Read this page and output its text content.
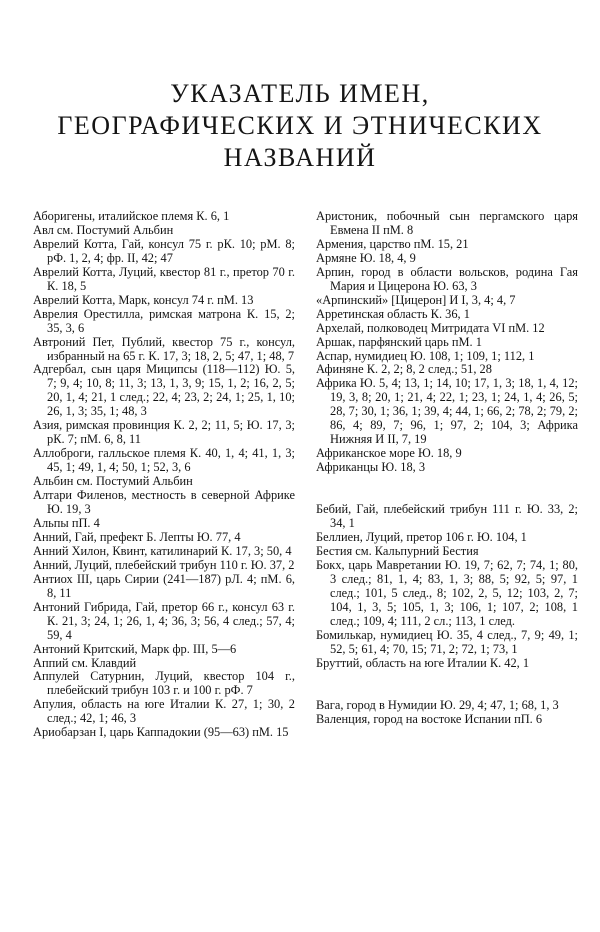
УКАЗАТЕЛЬ ИМЕН,
ГЕОГРАФИЧЕСКИХ И ЭТНИЧЕСКИХ НАЗВАНИЙ
Аборигены, италийское племя К. 6, 1
Авл см. Постумий Альбин
Аврелий Котта, Гай, консул 75 г. рК. 10; рМ. 8; рФ. 1, 2, 4; фр. II, 42; 47
Аврелий Котта, Луций, квестор 81 г., претор 70 г. К. 18, 5
Аврелий Котта, Марк, консул 74 г. пМ. 13
Аврелия Орестилла, римская матрона К. 15, 2; 35, 3, 6
Автроний Пет, Публий, квестор 75 г., консул, избранный на 65 г. К. 17, 3; 18, 2, 5; 47, 1; 48, 7
Адгербал, сын царя Миципсы (118—112) Ю. 5, 7; 9, 4; 10, 8; 11, 3; 13, 1, 3, 9; 15, 1, 2; 16, 2, 5; 20, 1, 4; 21, 1 след.; 22, 4; 23, 2; 24, 1; 25, 1, 10; 26, 1, 3; 35, 1; 48, 3
Азия, римская провинция К. 2, 2; 11, 5; Ю. 17, 3; рК. 7; пМ. 6, 8, 11
Аллоброги, галльское племя К. 40, 1, 4; 41, 1, 3; 45, 1; 49, 1, 4; 50, 1; 52, 3, 6
Альбин см. Постумий Альбин
Алтари Филенов, местность в северной Африке Ю. 19, 3
Альпы пП. 4
Анний, Гай, префект Б. Лепты Ю. 77, 4
Анний Хилон, Квинт, катилинарий К. 17, 3; 50, 4
Анний, Луций, плебейский трибун 110 г. Ю. 37, 2
Антиох III, царь Сирии (241—187) рЛ. 4; пМ. 6, 8, 11
Антоний Гибрида, Гай, претор 66 г., консул 63 г. К. 21, 3; 24, 1; 26, 1, 4; 36, 3; 56, 4 след.; 57, 4; 59, 4
Антоний Критский, Марк фр. III, 5—6
Аппий см. Клавдий
Аппулей Сатурнин, Луций, квестор 104 г., плебейский трибун 103 г. и 100 г. рФ. 7
Апулия, область на юге Италии К. 27, 1; 30, 2 след.; 42, 1; 46, 3
Ариобарзан I, царь Каппадокии (95—63) пМ. 15
Аристоник, побочный сын пергамского царя Евмена II пМ. 8
Армения, царство пМ. 15, 21
Армяне Ю. 18, 4, 9
Арпин, город в области вольсков, родина Гая Мария и Цицерона Ю. 63, 3
«Арпинский» [Цицерон] И I, 3, 4; 4, 7
Арретинская область К. 36, 1
Архелай, полководец Митридата VI пМ. 12
Аршак, парфянский царь пМ. 1
Аспар, нумидиец Ю. 108, 1; 109, 1; 112, 1
Афиняне К. 2, 2; 8, 2 след.; 51, 28
Африка Ю. 5, 4; 13, 1; 14, 10; 17, 1, 3; 18, 1, 4, 12; 19, 3, 8; 20, 1; 21, 4; 22, 1; 23, 1; 24, 1, 4; 26, 5; 28, 7; 30, 1; 36, 1; 39, 4; 44, 1; 66, 2; 78, 2; 79, 2; 86, 4; 89, 7; 96, 1; 97, 2; 104, 3; Африка Нижняя И II, 7, 19
Африканское море Ю. 18, 9
Африканцы Ю. 18, 3
Бебий, Гай, плебейский трибун 111 г. Ю. 33, 2; 34, 1
Беллиен, Луций, претор 106 г. Ю. 104, 1
Бестия см. Кальпурний Бестия
Бокх, царь Мавретании Ю. 19, 7; 62, 7; 74, 1; 80, 3 след.; 81, 1, 4; 83, 1, 3; 88, 5; 92, 5; 97, 1 след.; 101, 5 след., 8; 102, 2, 5, 12; 103, 2, 7; 104, 1, 3, 5; 105, 1, 3; 106, 1; 107, 2; 108, 1 след.; 109, 4; 111, 2 сл.; 113, 1 след.
Бомилькар, нумидиец Ю. 35, 4 след., 7, 9; 49, 1; 52, 5; 61, 4; 70, 15; 71, 2; 72, 1; 73, 1
Бруттий, область на юге Италии К. 42, 1
Вага, город в Нумидии Ю. 29, 4; 47, 1; 68, 1, 3
Валенция, город на востоке Испании пП. 6
